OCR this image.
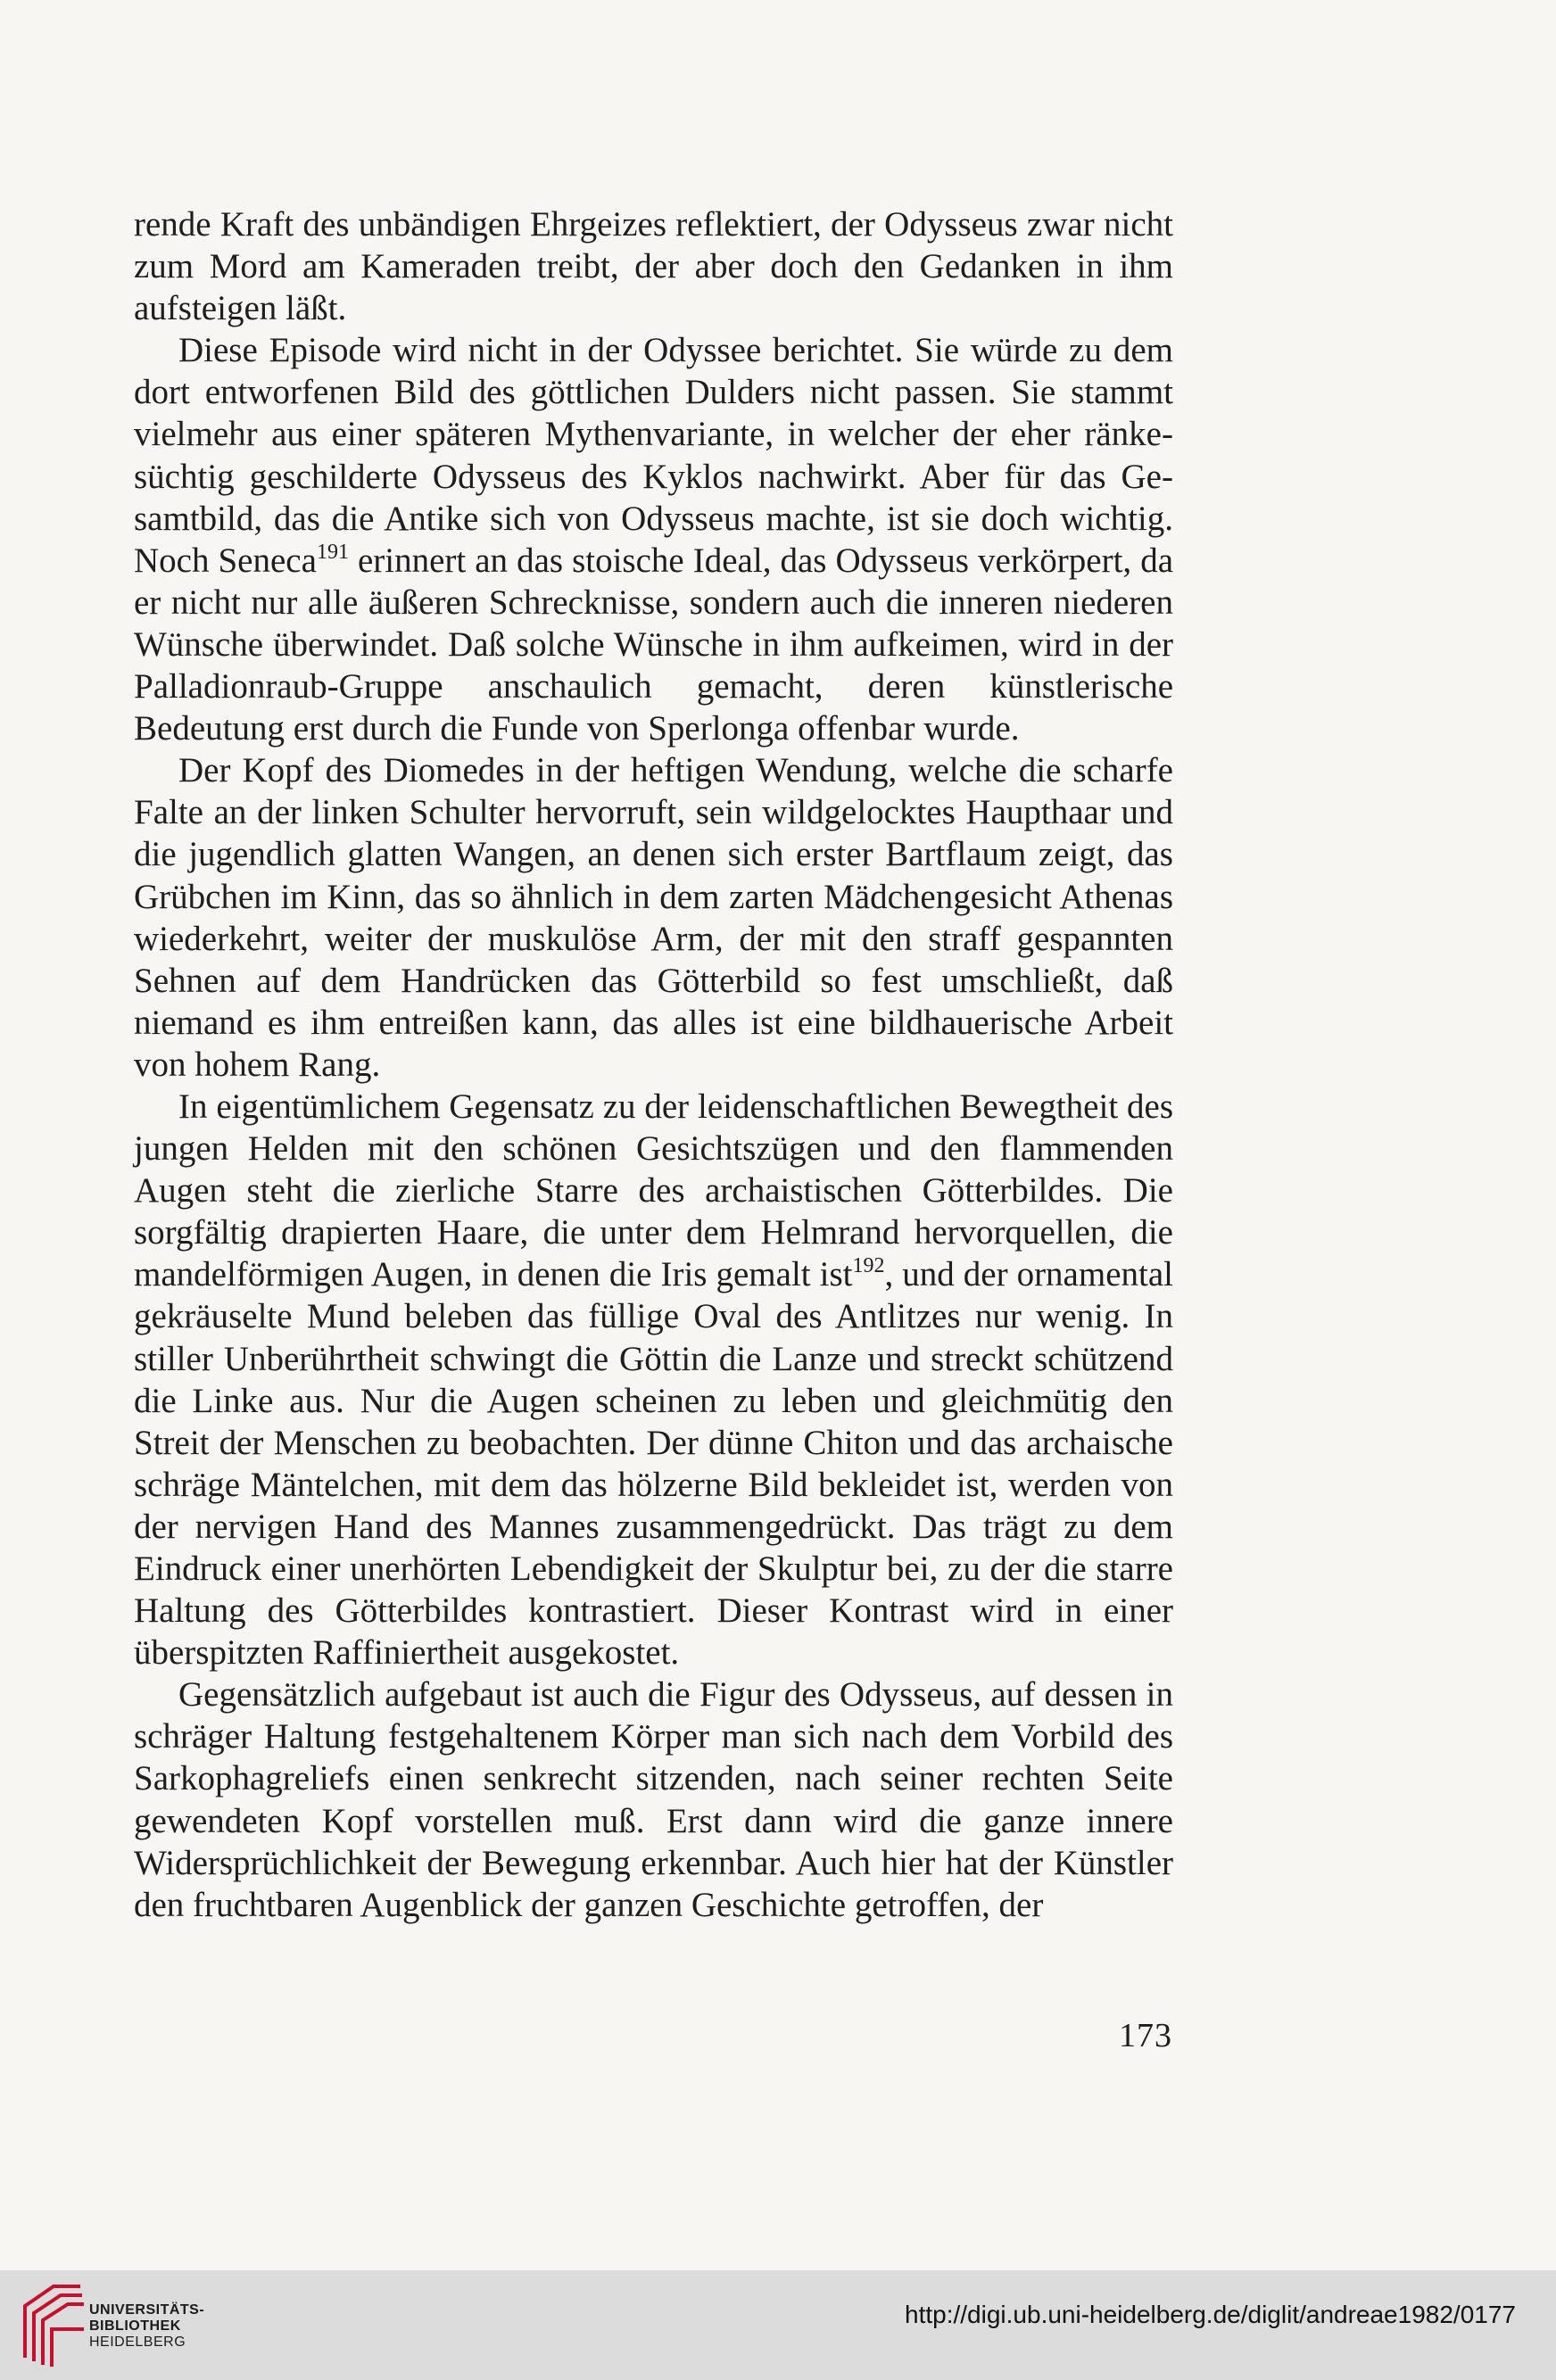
rende Kraft des unbändigen Ehrgeizes reflektiert, der Odysseus zwar nicht zum Mord am Kameraden treibt, der aber doch den Gedanken in ihm aufsteigen läßt.

Diese Episode wird nicht in der Odyssee berichtet. Sie würde zu dem dort entworfenen Bild des göttlichen Dulders nicht passen. Sie stammt vielmehr aus einer späteren Mythenvariante, in welcher der eher ränkesüchtig geschilderte Odysseus des Kyklos nachwirkt. Aber für das Gesamtbild, das die Antike sich von Odysseus machte, ist sie doch wichtig. Noch Seneca$^{191}$ erinnert an das stoische Ideal, das Odysseus verkörpert, da er nicht nur alle äußeren Schrecknisse, sondern auch die inneren niederen Wünsche überwindet. Daß solche Wünsche in ihm aufkeimen, wird in der Palladionraub-Gruppe anschaulich gemacht, deren künstlerische Bedeutung erst durch die Funde von Sperlonga offenbar wurde.

Der Kopf des Diomedes in der heftigen Wendung, welche die scharfe Falte an der linken Schulter hervorruft, sein wildgelocktes Haupthaar und die jugendlich glatten Wangen, an denen sich erster Bartflaum zeigt, das Grübchen im Kinn, das so ähnlich in dem zarten Mädchengesicht Athenas wiederkehrt, weiter der muskulöse Arm, der mit den straff gespannten Sehnen auf dem Handrücken das Götterbild so fest umschließt, daß niemand es ihm entreißen kann, das alles ist eine bildhauerische Arbeit von hohem Rang.

In eigentümlichem Gegensatz zu der leidenschaftlichen Bewegtheit des jungen Helden mit den schönen Gesichtszügen und den flammenden Augen steht die zierliche Starre des archaistischen Götterbildes. Die sorgfältig drapierten Haare, die unter dem Helmrand hervorquellen, die mandelförmigen Augen, in denen die Iris gemalt ist$^{192}$, und der ornamental gekräuselte Mund beleben das füllige Oval des Antlitzes nur wenig. In stiller Unberührtheit schwingt die Göttin die Lanze und streckt schützend die Linke aus. Nur die Augen scheinen zu leben und gleichmütig den Streit der Menschen zu beobachten. Der dünne Chiton und das archaische schräge Mäntelchen, mit dem das hölzerne Bild bekleidet ist, werden von der nervigen Hand des Mannes zusammengedrückt. Das trägt zu dem Eindruck einer unerhörten Lebendigkeit der Skulptur bei, zu der die starre Haltung des Götterbildes kontrastiert. Dieser Kontrast wird in einer überspitzten Raffiniertheit ausgekostet.

Gegensätzlich aufgebaut ist auch die Figur des Odysseus, auf dessen in schräger Haltung festgehaltenem Körper man sich nach dem Vorbild des Sarkophagreliefs einen senkrecht sitzenden, nach seiner rechten Seite gewendeten Kopf vorstellen muß. Erst dann wird die ganze innere Widersprüchlichkeit der Bewegung erkennbar. Auch hier hat der Künstler den fruchtbaren Augenblick der ganzen Geschichte getroffen, der

173
UNIVERSITÄTS-
BIBLIOTHEK
HEIDELBERG
http://digi.ub.uni-heidelberg.de/diglit/andreae1982/0177
